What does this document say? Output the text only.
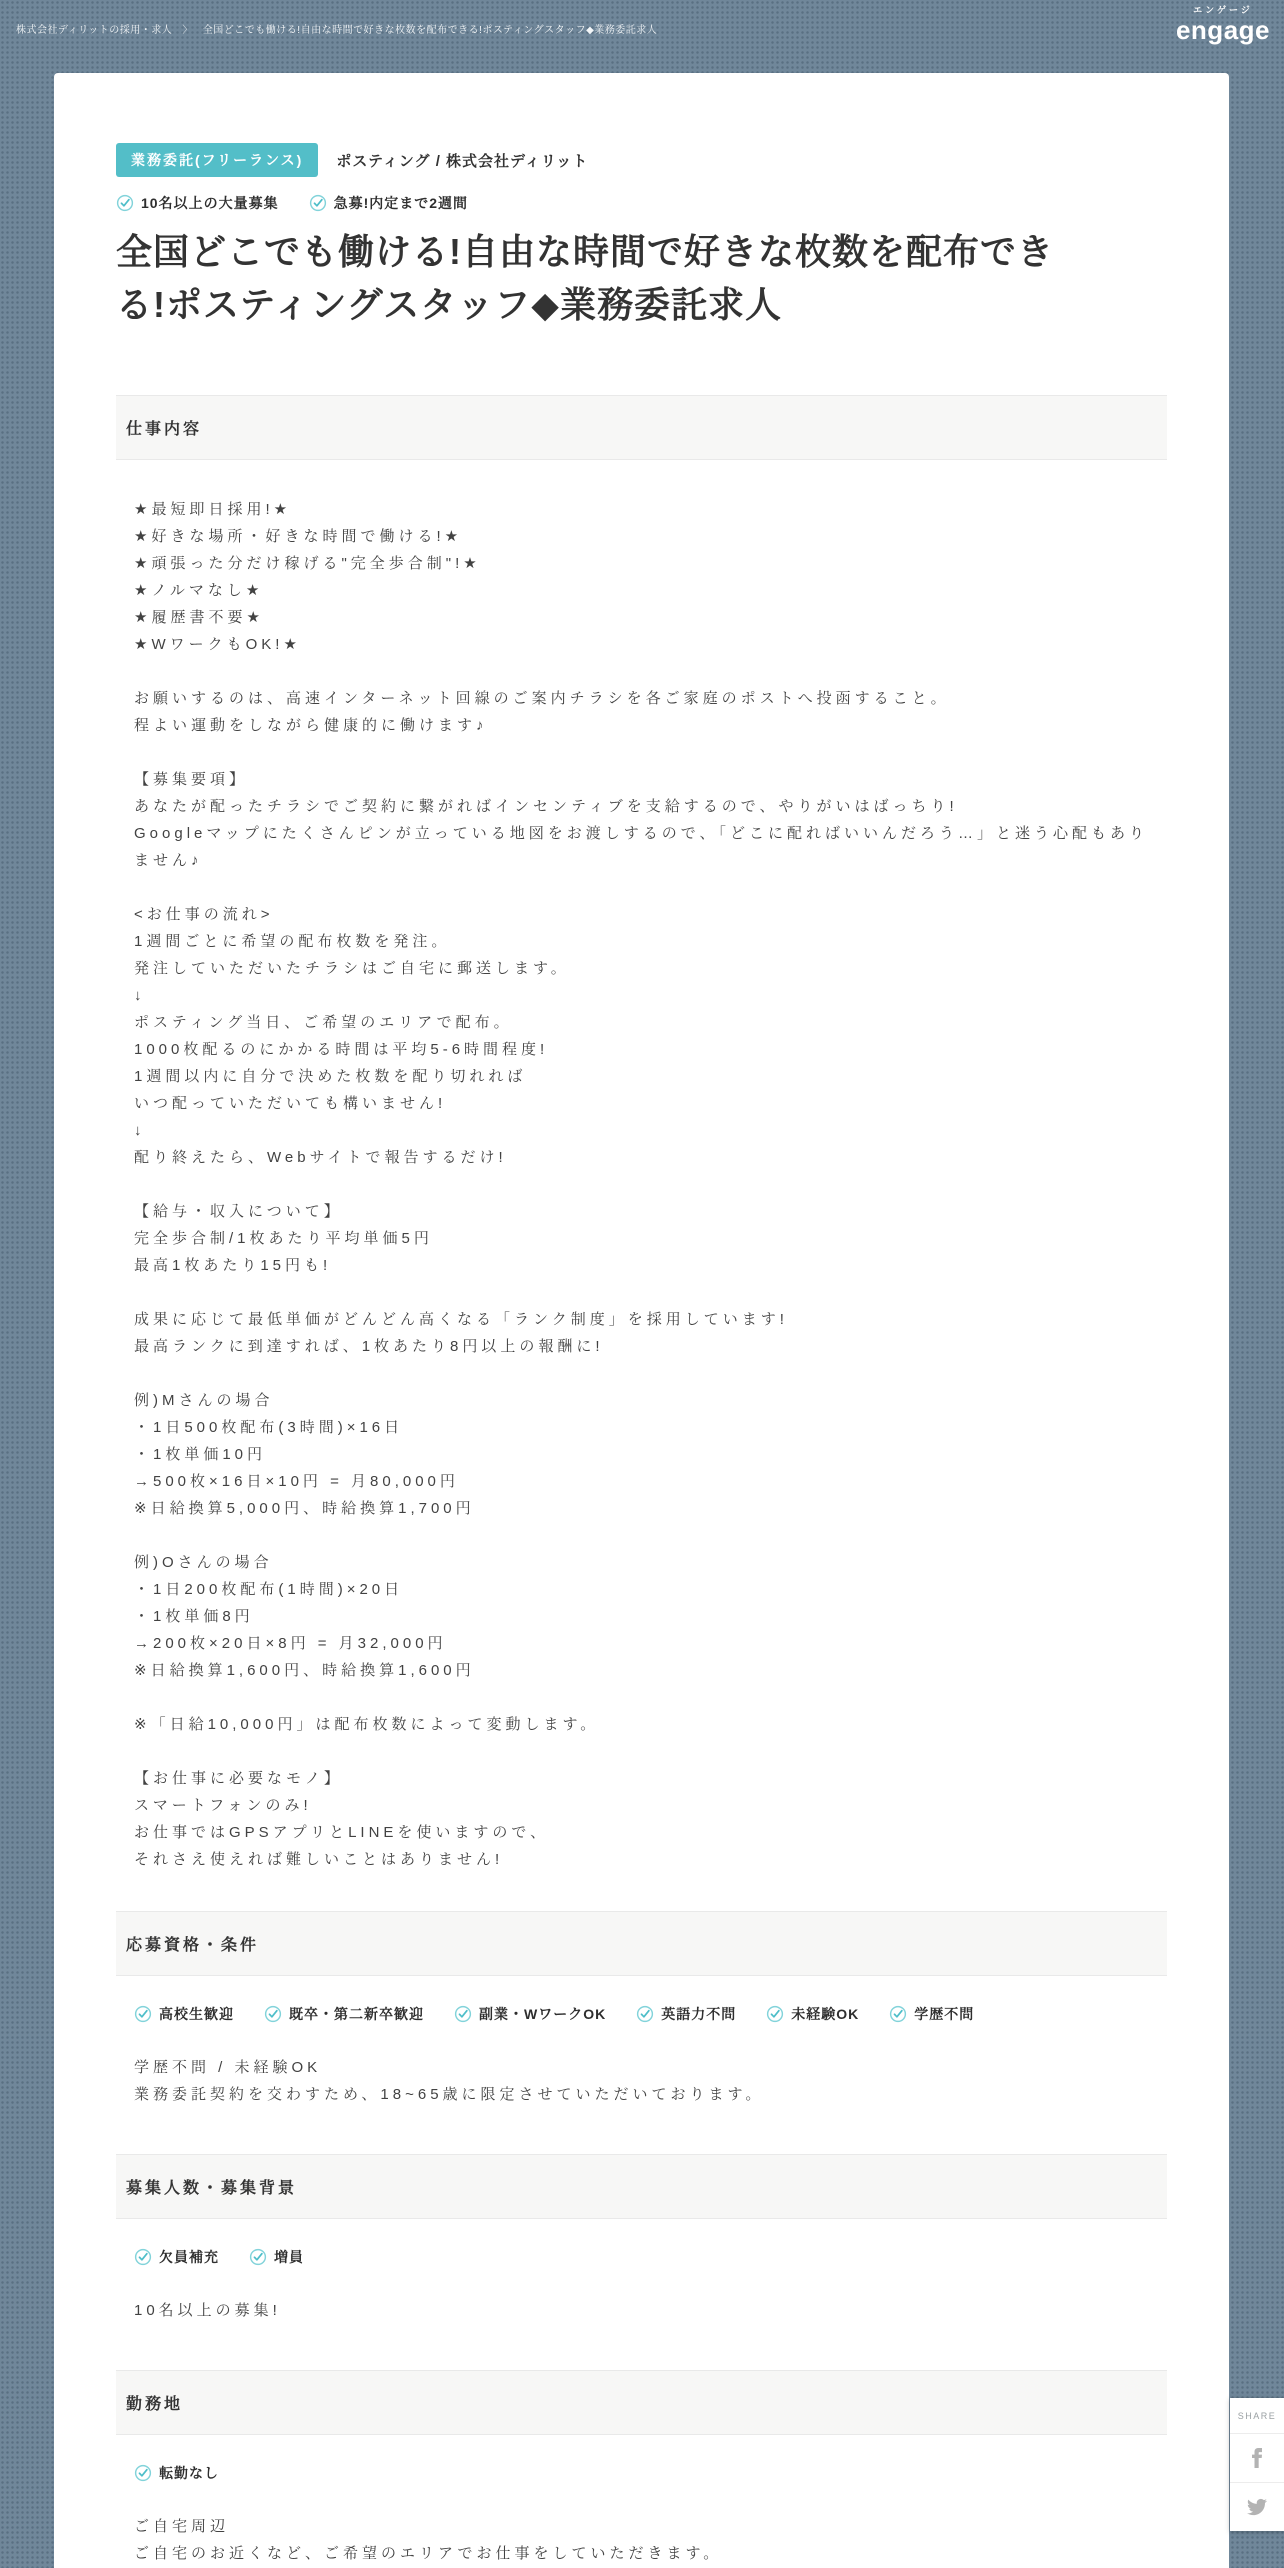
株式会社ディリットの採用・求人 〉 全国どこでも働ける!自由な時間で好きな枚数を配布できる!ポスティングスタッフ◆業務委託求人
エンゲージ
engage
業務委託(フリーランス)	ポスティング / 株式会社ディリット
10名以上の大量募集	急募!内定まで2週間
全国どこでも働ける!自由な時間で好きな枚数を配布できる!ポスティングスタッフ◆業務委託求人
仕事内容

★最短即日採用!★

★好きな場所・好きな時間で働ける!★

★頑張った分だけ稼げる"完全歩合制"!★

★ノルマなし★

★履歴書不要★

★WワークもOK!★

お願いするのは、高速インターネット回線のご案内チラシを各ご家庭のポストへ投函すること。

程よい運動をしながら健康的に働けます♪

【募集要項】

あなたが配ったチラシでご契約に繋がればインセンティブを支給するので、やりがいはばっちり!

Googleマップにたくさんピンが立っている地図をお渡しするので、「どこに配ればいいんだろう…」と迷う心配もありません♪

<お仕事の流れ>

1週間ごとに希望の配布枚数を発注。

発注していただいたチラシはご自宅に郵送します。

↓

ポスティング当日、ご希望のエリアで配布。

1000枚配るのにかかる時間は平均5-6時間程度!

1週間以内に自分で決めた枚数を配り切れれば

いつ配っていただいても構いません!

↓

配り終えたら、Webサイトで報告するだけ!

【給与・収入について】

完全歩合制/1枚あたり平均単価5円

最高1枚あたり15円も!

成果に応じて最低単価がどんどん高くなる「ランク制度」を採用しています!

最高ランクに到達すれば、1枚あたり8円以上の報酬に!

例)Mさんの場合

・1日500枚配布(3時間)×16日

・1枚単価10円

→500枚×16日×10円 = 月80,000円

※日給換算5,000円、時給換算1,700円

例)Oさんの場合

・1日200枚配布(1時間)×20日

・1枚単価8円

→200枚×20日×8円 = 月32,000円

※日給換算1,600円、時給換算1,600円

※「日給10,000円」は配布枚数によって変動します。

【お仕事に必要なモノ】

スマートフォンのみ!

お仕事ではGPSアプリとLINEを使いますので、

それさえ使えれば難しいことはありません!

応募資格・条件
高校生歓迎	既卒・第二新卒歓迎	副業・WワークOK	英語力不問	未経験OK	学歴不問

学歴不問 / 未経験OK

業務委託契約を交わすため、18~65歳に限定させていただいております。

募集人数・募集背景
欠員補充	増員

10名以上の募集!

勤務地
転勤なし

ご自宅周辺

ご自宅のお近くなど、ご希望のエリアでお仕事をしていただきます。

SHARE
